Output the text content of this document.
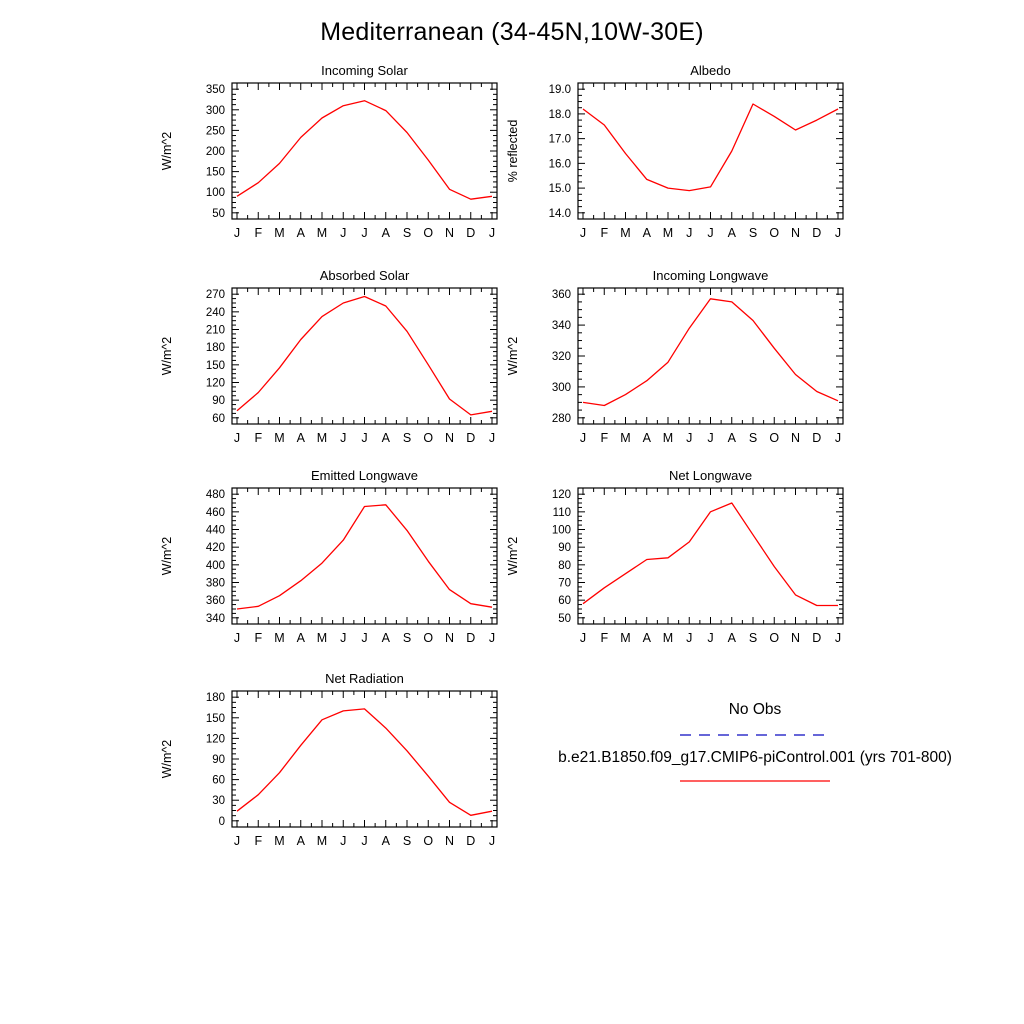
Mediterranean (34-45N,10W-30E)
Incoming Solar
50
100
150
200
250
300
350
J F M A M J J A S O N D J
W/m^2
Albedo
14.0
15.0
16.0
17.0
18.0
19.0
J F M A M J J A S O N D J
% reflected
Absorbed Solar
60
90
120
150
180
210
240
270
J F M A M J J A S O N D J
W/m^2
Incoming Longwave
280
300
320
340
360
J F M A M J J A S O N D J
W/m^2
Emitted Longwave
340
360
380
400
420
440
460
480
J F M A M J J A S O N D J
W/m^2
Net Longwave
50
60
70
80
90
100
110
120
J F M A M J J A S O N D J
W/m^2
Net Radiation
0
30
60
90
120
150
180
J F M A M J J A S O N D J
W/m^2
No Obs
b.e21.B1850.f09_g17.CMIP6-piControl.001 (yrs 701-800)
